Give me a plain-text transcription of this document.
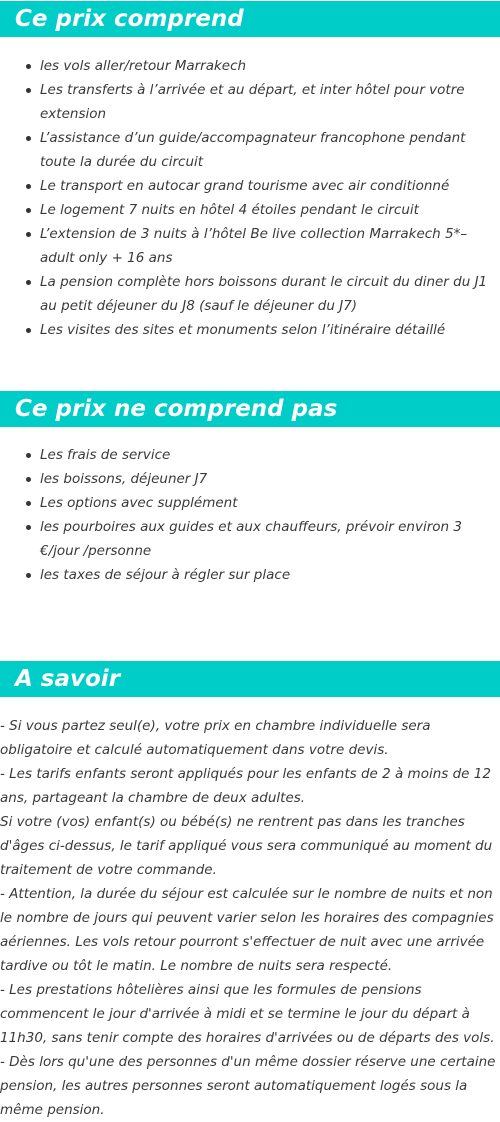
Ce prix comprend
les vols aller/retour Marrakech
Les transferts à l’arrivée et au départ, et inter hôtel pour votre extension
L’assistance d’un guide/accompagnateur francophone pendant toute la durée du circuit
Le transport en autocar grand tourisme avec air conditionné
Le logement 7 nuits en hôtel 4 étoiles pendant le circuit
L’extension de 3 nuits à l’hôtel Be live collection Marrakech 5*– adult only + 16 ans
La pension complète hors boissons durant le circuit du diner du J1 au petit déjeuner du J8 (sauf le déjeuner du J7)
Les visites des sites et monuments selon l’itinéraire détaillé
Ce prix ne comprend pas
Les frais de service
les boissons, déjeuner J7
Les options avec supplément
les pourboires aux guides et aux chauffeurs, prévoir environ 3 €/jour /personne
les taxes de séjour à régler sur place
A savoir

- Si vous partez seul(e), votre prix en chambre individuelle sera obligatoire et calculé automatiquement dans votre devis.

- Les tarifs enfants seront appliqués pour les enfants de 2 à moins de 12 ans, partageant la chambre de deux adultes.

Si votre (vos) enfant(s) ou bébé(s) ne rentrent pas dans les tranches d'âges ci-dessus, le tarif appliqué vous sera communiqué au moment du traitement de votre commande.

- Attention, la durée du séjour est calculée sur le nombre de nuits et non le nombre de jours qui peuvent varier selon les horaires des compagnies aériennes. Les vols retour pourront s'effectuer de nuit avec une arrivée tardive ou tôt le matin. Le nombre de nuits sera respecté.

- Les prestations hôtelières ainsi que les formules de pensions commencent le jour d'arrivée à midi et se termine le jour du départ à 11h30, sans tenir compte des horaires d'arrivées ou de départs des vols.

- Dès lors qu'une des personnes d'un même dossier réserve une certaine pension, les autres personnes seront automatiquement logés sous la même pension.
